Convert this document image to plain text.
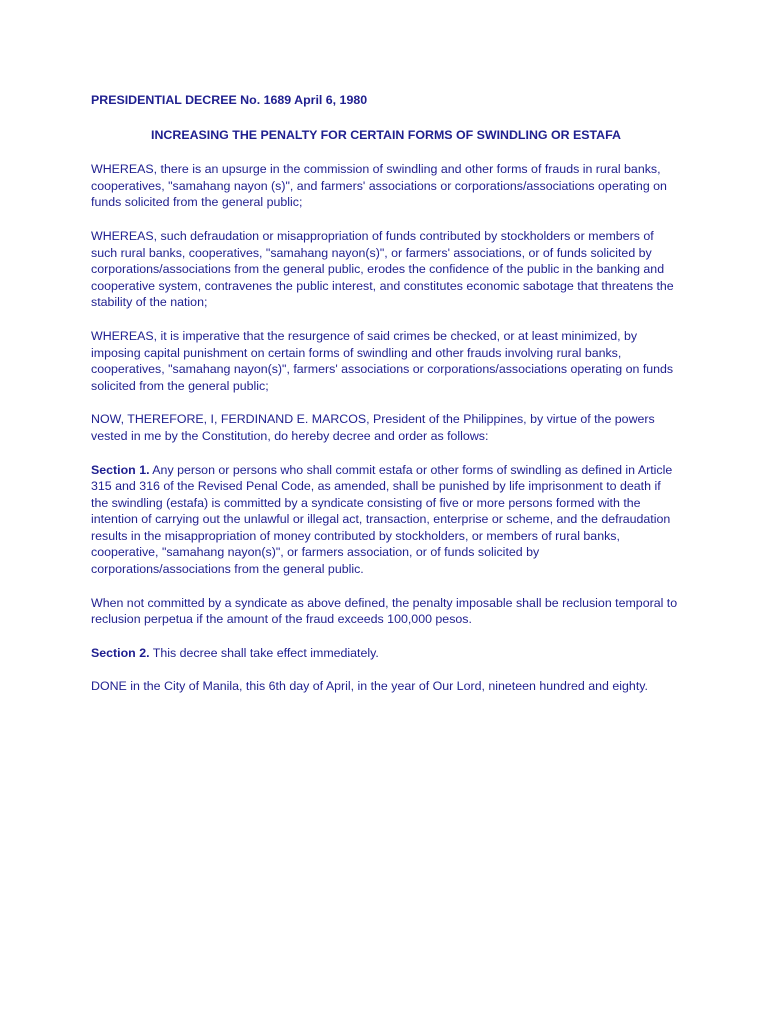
PRESIDENTIAL DECREE No. 1689 April 6, 1980

INCREASING THE PENALTY FOR CERTAIN FORMS OF SWINDLING OR ESTAFA

WHEREAS, there is an upsurge in the commission of swindling and other forms of frauds in rural banks, cooperatives, "samahang nayon (s)", and farmers' associations or corporations/associations operating on funds solicited from the general public;

WHEREAS, such defraudation or misappropriation of funds contributed by stockholders or members of such rural banks, cooperatives, "samahang nayon(s)", or farmers' associations, or of funds solicited by corporations/associations from the general public, erodes the confidence of the public in the banking and cooperative system, contravenes the public interest, and constitutes economic sabotage that threatens the stability of the nation;

WHEREAS, it is imperative that the resurgence of said crimes be checked, or at least minimized, by imposing capital punishment on certain forms of swindling and other frauds involving rural banks, cooperatives, "samahang nayon(s)", farmers' associations or corporations/associations operating on funds solicited from the general public;

NOW, THEREFORE, I, FERDINAND E. MARCOS, President of the Philippines, by virtue of the powers vested in me by the Constitution, do hereby decree and order as follows:

Section 1. Any person or persons who shall commit estafa or other forms of swindling as defined in Article 315 and 316 of the Revised Penal Code, as amended, shall be punished by life imprisonment to death if the swindling (estafa) is committed by a syndicate consisting of five or more persons formed with the intention of carrying out the unlawful or illegal act, transaction, enterprise or scheme, and the defraudation results in the misappropriation of money contributed by stockholders, or members of rural banks, cooperative, "samahang nayon(s)", or farmers association, or of funds solicited by corporations/associations from the general public.

When not committed by a syndicate as above defined, the penalty imposable shall be reclusion temporal to reclusion perpetua if the amount of the fraud exceeds 100,000 pesos.

Section 2. This decree shall take effect immediately.

DONE in the City of Manila, this 6th day of April, in the year of Our Lord, nineteen hundred and eighty.
